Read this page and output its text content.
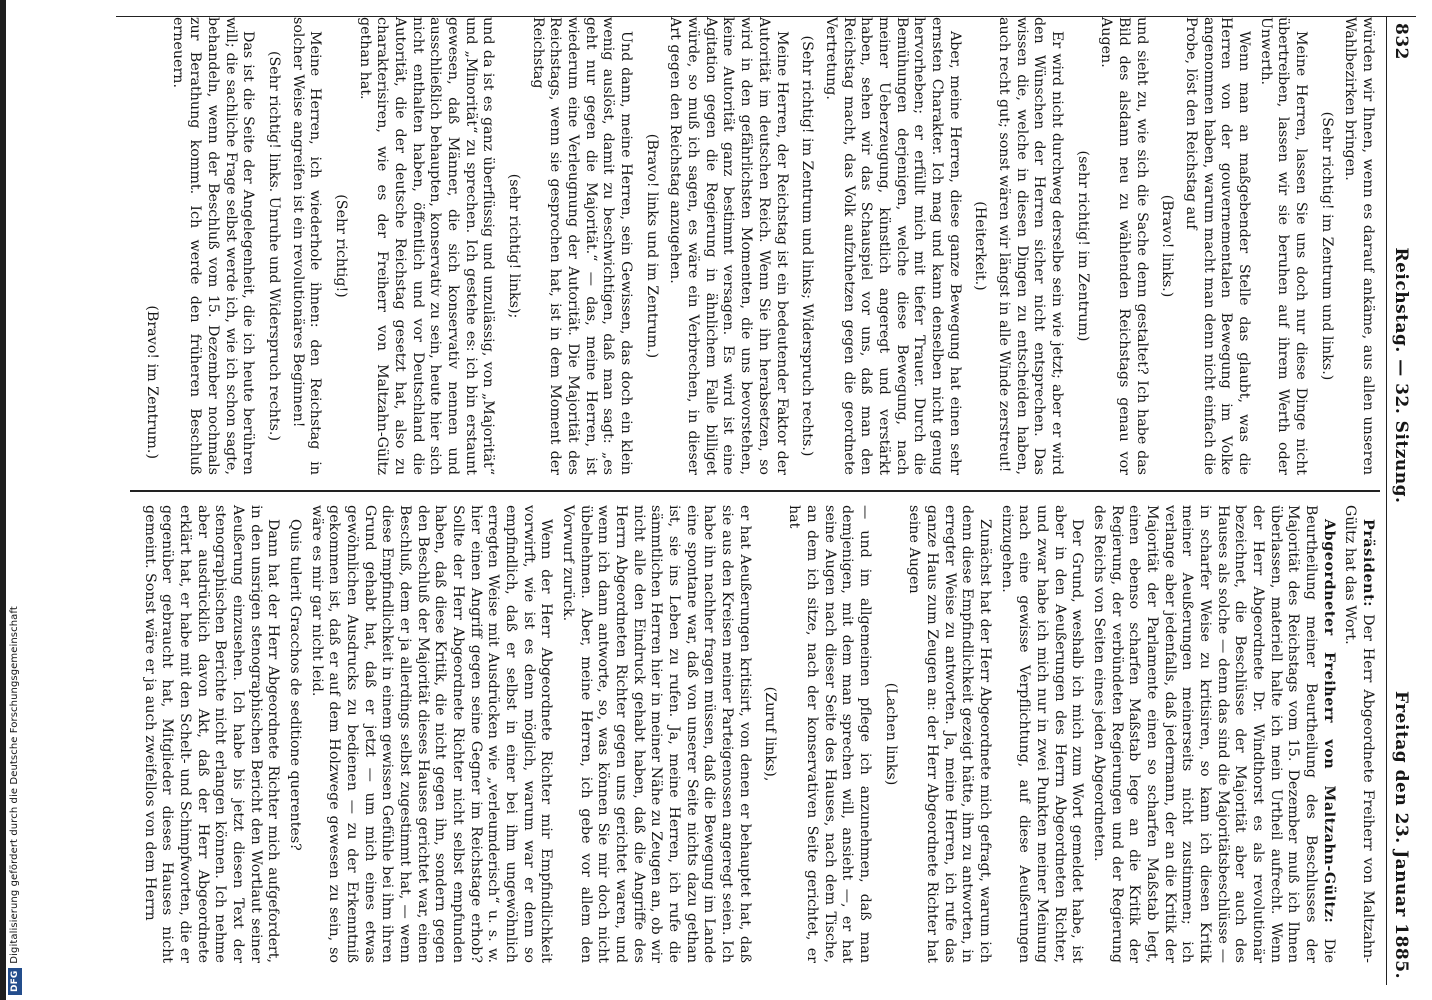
DFGDigitalisierung gefördert durch die Deutsche Forschungsgemeinschaft
832
Reichstag. — 32. Sitzung.
Freitag den 23. Januar 1885.

würden wir Ihnen, wenn es darauf ankäme, aus allen unseren Wahlbezirken bringen.

(Sehr richtig! im Zentrum und links.)

Meine Herren, lassen Sie uns doch nur diese Dinge nicht übertreiben, lassen wir sie beruhen auf ihrem Werth oder Unwerth.

Wenn man an maßgebender Stelle das glaubt, was die Herren von der gouvernementalen Bewegung im Volke angenommen haben, warum macht man denn nicht einfach die Probe, löst den Reichstag auf

(Bravo! links.)

und sieht zu, wie sich die Sache denn gestaltet? Ich habe das Bild des alsdann neu zu wählenden Reichstags genau vor Augen.

(sehr richtig! im Zentrum)

Er wird nicht durchweg derselbe sein wie jetzt; aber er wird den Wünschen der Herren sicher nicht entsprechen. Das wissen die, welche in diesen Dingen zu entscheiden haben, auch recht gut; sonst wären wir längst in alle Winde zerstreut!

(Heiterkeit.)

Aber, meine Herren, diese ganze Bewegung hat einen sehr ernsten Charakter. Ich mag und kann denselben nicht genug hervorheben; er erfüllt mich mit tiefer Trauer. Durch die Bemühungen derjenigen, welche diese Bewegung, nach meiner Ueberzeugung, künstlich angeregt und verstärkt haben, sehen wir das Schauspiel vor uns, daß man den Reichstag macht, das Volk aufzuhetzen gegen die geordnete Vertretung.

(Sehr richtig! im Zentrum und links; Widerspruch rechts.)

Meine Herren, der Reichstag ist ein bedeutender Faktor der Autorität im deutschen Reich. Wenn Sie ihn herabsetzen, so wird in den gefährlichsten Momenten, die uns bevorstehen, keine Autorität ganz bestimmt versagen. Es wird ist eine Agitation gegen die Regierung in ähnlichem Falle billiget würde, so muß ich sagen, es wäre ein Verbrechen, in dieser Art gegen den Reichstag anzugehen.

(Bravo! links und im Zentrum.)

Und dann, meine Herren, sein Gewissen, das doch ein klein wenig auslöst, damit zu beschwichtigen, daß man sagt: „es geht nur gegen die Majorität.“ — das, meine Herren, ist wiederum eine Verleugnung der Autorität. Die Majorität des Reichstags, wenn sie gesprochen hat, ist in dem Moment der Reichstag

(sehr richtig! links);

und da ist es ganz überflüssig und unzulässig, von „Majorität“ und „Minorität“ zu sprechen. Ich gestehe es: ich bin erstaunt gewesen, daß Männer, die sich konservativ nennen und ausschließlich behaupten, konservativ zu sein, heute hier sich nicht enthalten haben, öffentlich und vor Deutschland die Autorität, die der deutsche Reichstag gesetzt hat, also zu charakterisiren, wie es der Freiherr von Maltzahn-Gültz gethan hat.

(Sehr richtig!)

Meine Herren, ich wiederhole ihnen: den Reichstag in solcher Weise angreifen ist ein revolutionäres Beginnen!

(Sehr richtig! links. Unruhe und Widerspruch rechts.)

Das ist die Seite der Angelegenheit, die ich heute berühren will; die sachliche Frage selbst werde ich, wie ich schon sagte, behandeln, wenn der Beschluß vom 15. Dezember nochmals zur Berathung kommt. Ich werde den früheren Beschluß erneuern.

(Bravo! im Zentrum.)

Präsident: Der Herr Abgeordnete Freiherr von Maltzahn-Gültz hat das Wort.

Abgeordneter Freiherr von Maltzahn-Gültz: Die Beurtheilung meiner Beurtheilung des Beschlusses der Majorität des Reichstags vom 15. Dezember muß ich Ihnen überlassen, materiell halte ich mein Urtheil aufrecht. Wenn der Herr Abgeordnete Dr. Windthorst es als revolutionär bezeichnet, die Beschlüsse der Majorität aber auch des Hauses als solche — denn das sind die Majoritätsbeschlüsse — in scharfer Weise zu kritisiren, so kann ich diesen Kritik meiner Aeußerungen meinerseits nicht zustimmen; ich verlange aber jedenfalls, daß jedermann, der an die Kritik der Majorität der Parlamente einen so scharfen Maßstab legt, einen ebenso scharfen Maßstab lege an die Kritik der Regierung, der verbündeten Regierungen und der Regierung des Reichs von Seiten eines jeden Abgeordneten.

Der Grund, weshalb ich mich zum Wort gemeldet habe, ist aber in den Aeußerungen des Herrn Abgeordneten Richter, und zwar habe ich mich nur in zwei Punkten meiner Meinung nach eine gewisse Verpflichtung, auf diese Aeußerungen einzugehen.

Zunächst hat der Herr Abgeordnete mich gefragt, warum ich denn diese Empfindlichkeit gezeigt hätte, ihm zu antworten, in erregter Weise zu antworten. Ja, meine Herren, ich rufe das ganze Haus zum Zeugen an: der Herr Abgeordnete Richter hat seine Augen

(Lachen links)

— und im allgemeinen pflege ich anzunehmen, daß man demjenigen, mit dem man sprechen will, ansieht —, er hat seine Augen nach dieser Seite des Hauses, nach dem Tische, an dem ich sitze, nach der konservativen Seite gerichtet, er hat

(Zuruf links),

er hat Aeußerungen kritisirt, von denen er behauptet hat, daß sie aus den Kreisen meiner Parteigenossen angeregt seien. Ich habe ihn nachher fragen müssen, daß die Bewegung im Lande eine spontane war, daß von unserer Seite nichts dazu gethan ist, sie ins Leben zu rufen. Ja, meine Herren, ich rufe die sämmtlichen Herren hier in meiner Nähe zu Zeugen an, ob wir nicht alle den Eindruck gehabt haben, daß die Angriffe des Herrn Abgeordneten Richter gegen uns gerichtet waren, und wenn ich dann antworte, so, was können Sie mir doch nicht übelnehmen. Aber, meine Herren, ich gebe vor allem den Vorwurf zurück.

Wenn der Herr Abgeordnete Richter mir Empfindlichkeit vorwirft, wie ist es denn möglich, warum war er denn so empfindlich, daß er selbst in einer bei ihm ungewöhnlich erregten Weise mit Ausdrücken wie „verleumderisch“ u. s. w. hier einen Angriff gegen seine Gegner im Reichstage erhob? Sollte der Herr Abgeordnete Richter nicht selbst empfunden haben, daß diese Kritik, die nicht gegen ihn, sondern gegen den Beschluß der Majorität dieses Hauses gerichtet war, einen Beschluß, dem er ja allerdings selbst zugestimmt hat, — wenn diese Empfindlichkeit in einem gewissen Gefühle bei ihm ihren Grund gehabt hat, daß er jetzt — um mich eines etwas gewöhnlichen Ausdrucks zu bedienen — zu der Erkenntniß gekommen ist, daß er auf dem Holzwege gewesen zu sein, so wäre es mir gar nicht leid.

Quis tulerit Gracchos de seditione querentes?

Dann hat der Herr Abgeordnete Richter mich aufgefordert, in den unsrigen stenographischen Bericht den Wortlaut seiner Aeußerung einzusehen. Ich habe bis jetzt diesen Text der stenographischen Berichte nicht erlangen können. Ich nehme aber ausdrücklich davon Akt, daß der Herr Abgeordnete erklärt hat, er habe mit den Schelt- und Schimpfworten, die er gegenüber gebraucht hat, Mitglieder dieses Hauses nicht gemeint. Sonst wäre er ja auch zweifellos von dem Herrn
